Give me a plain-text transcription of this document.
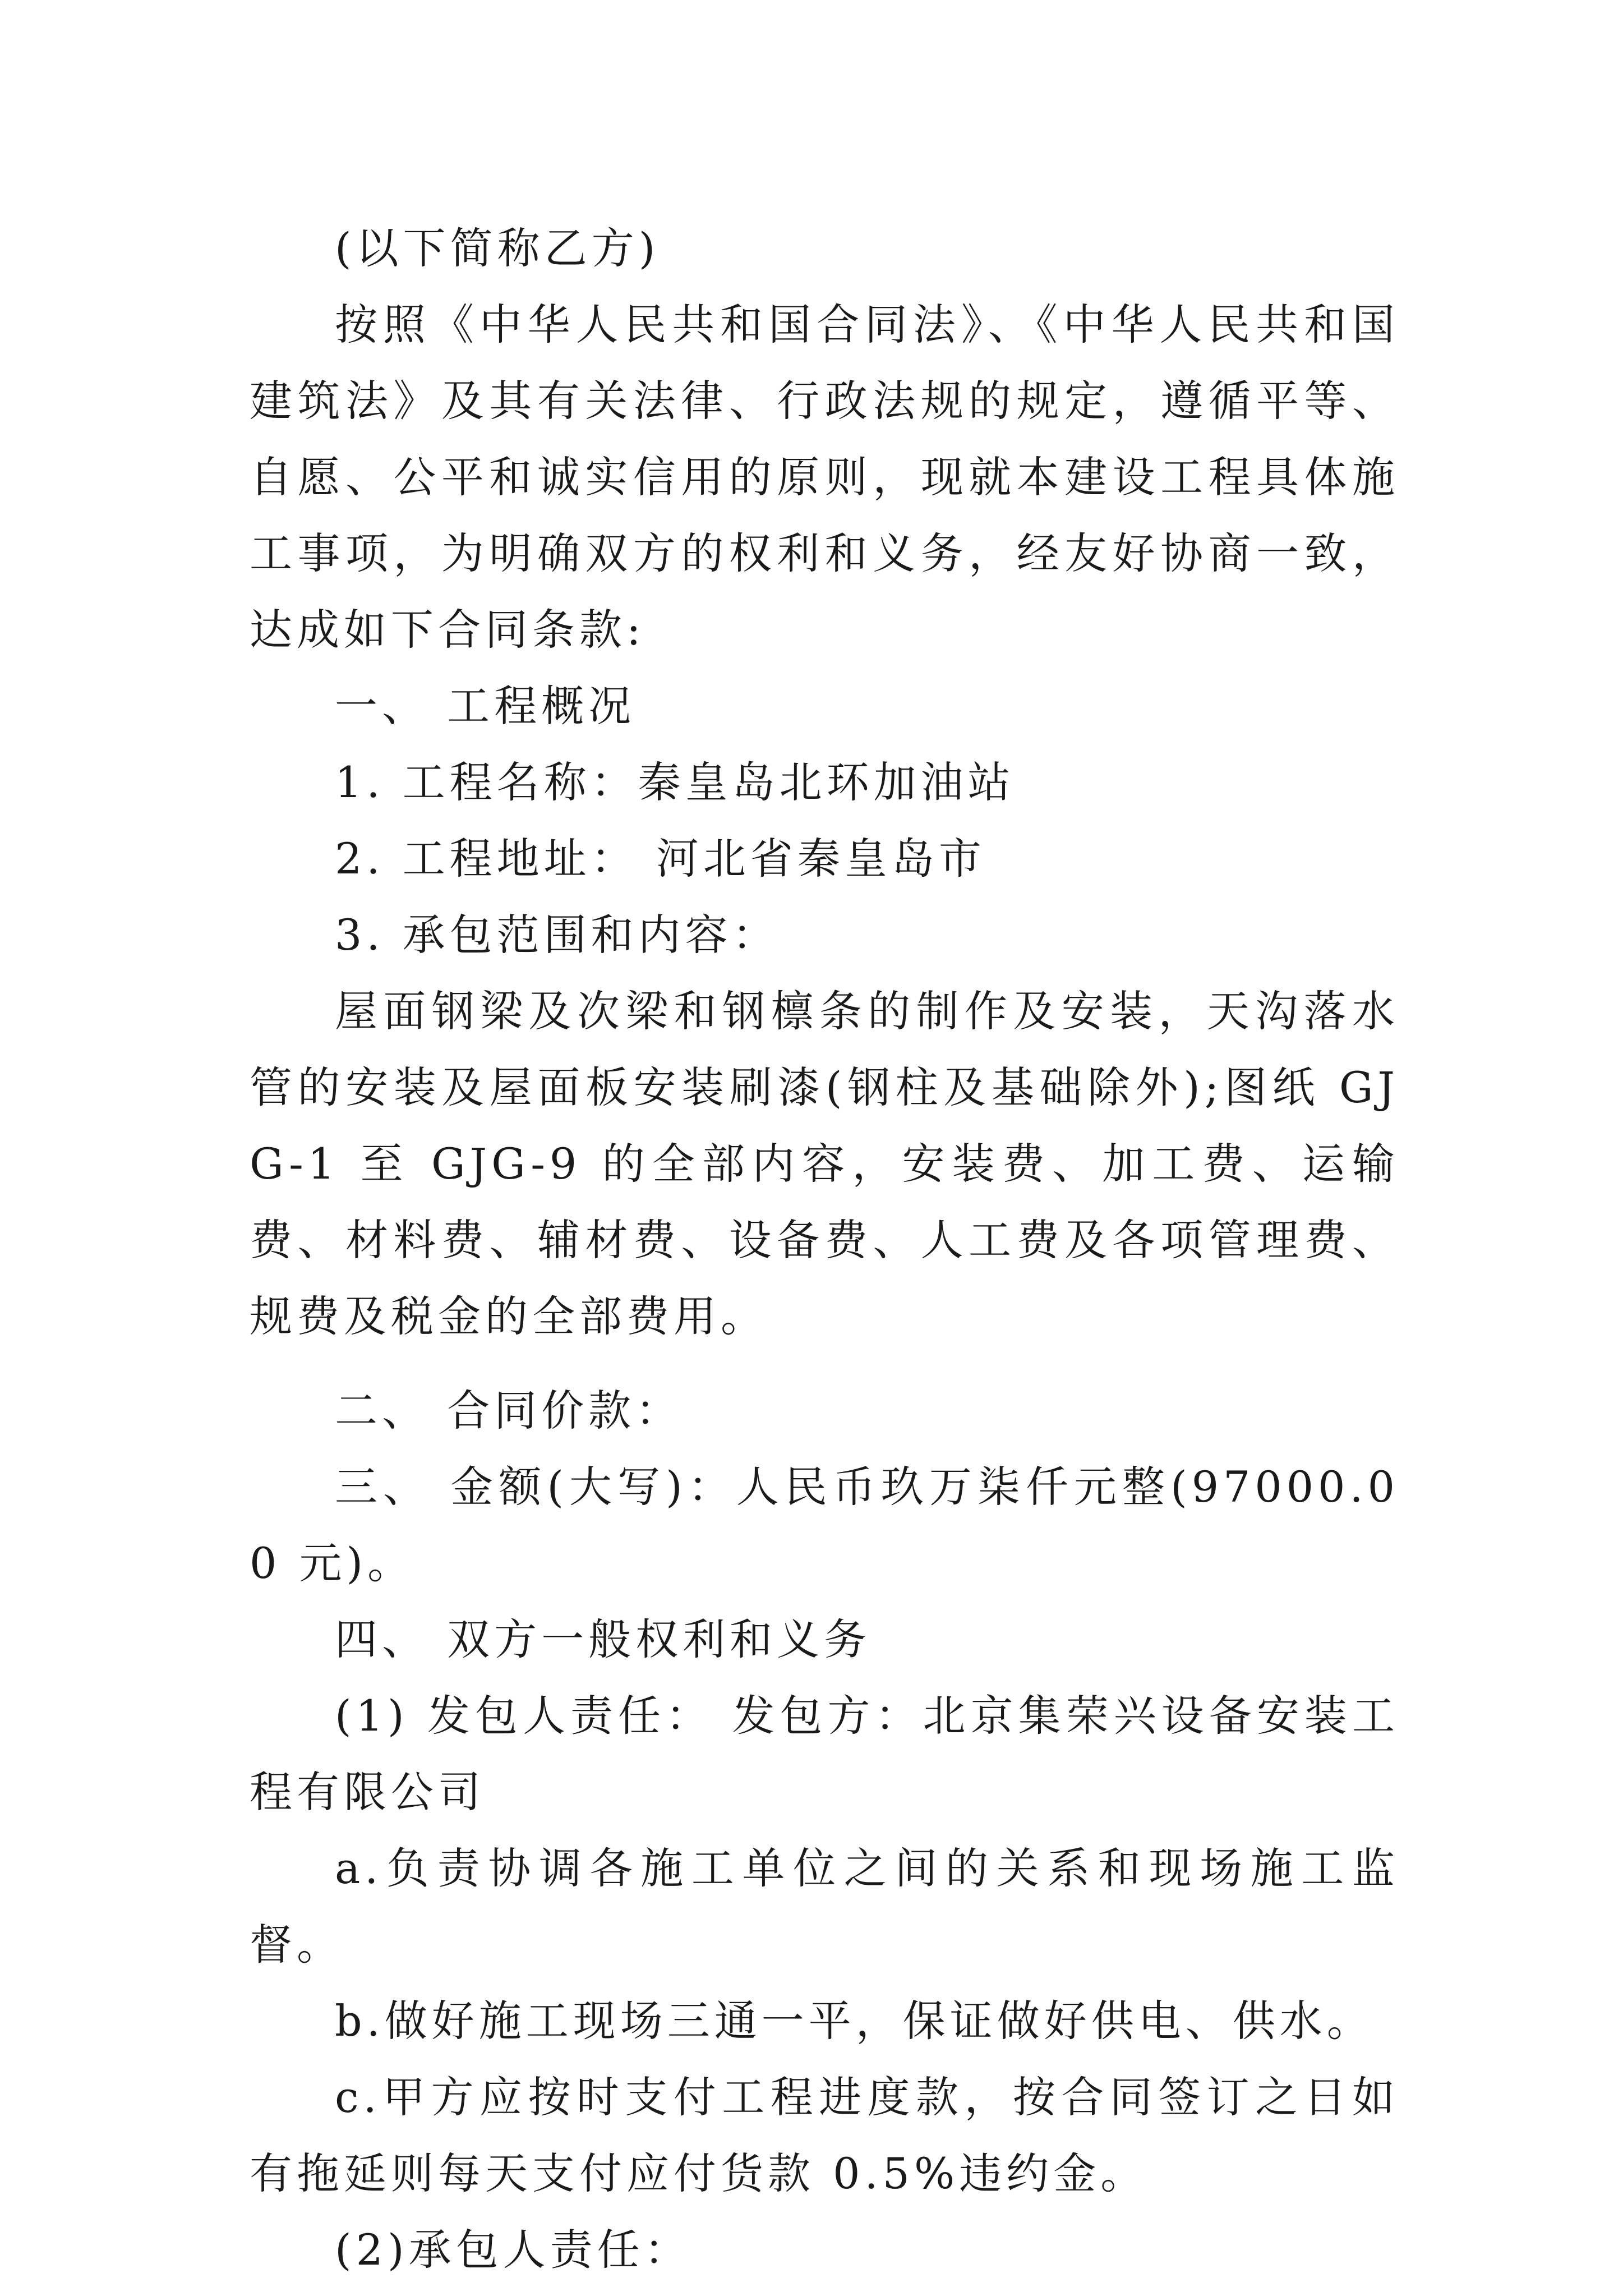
(以下简称乙方)

按照《中华人民共和国合同法》、《中华人民共和国建筑法》及其有关法律、行政法规的规定，遵循平等、自愿、公平和诚实信用的原则，现就本建设工程具体施工事项，为明确双方的权利和义务，经友好协商一致，达成如下合同条款:

一、 工程概况

1. 工程名称：秦皇岛北环加油站

2. 工程地址： 河北省秦皇岛市

3. 承包范围和内容：

屋面钢梁及次梁和钢檩条的制作及安装，天沟落水管的安装及屋面板安装刷漆(钢柱及基础除外);图纸 GJG-1 至 GJG-9 的全部内容，安装费、加工费、运输费、材料费、辅材费、设备费、人工费及各项管理费、规费及税金的全部费用。

二、 合同价款：

三、 金额(大写)：人民币玖万柒仟元整(97000.00 元)。

四、 双方一般权利和义务

(1) 发包人责任： 发包方：北京集荣兴设备安装工程有限公司

a.负责协调各施工单位之间的关系和现场施工监督。

b.做好施工现场三通一平，保证做好供电、供水。

c.甲方应按时支付工程进度款，按合同签订之日如有拖延则每天支付应付货款 0.5%违约金。

(2)承包人责任：
